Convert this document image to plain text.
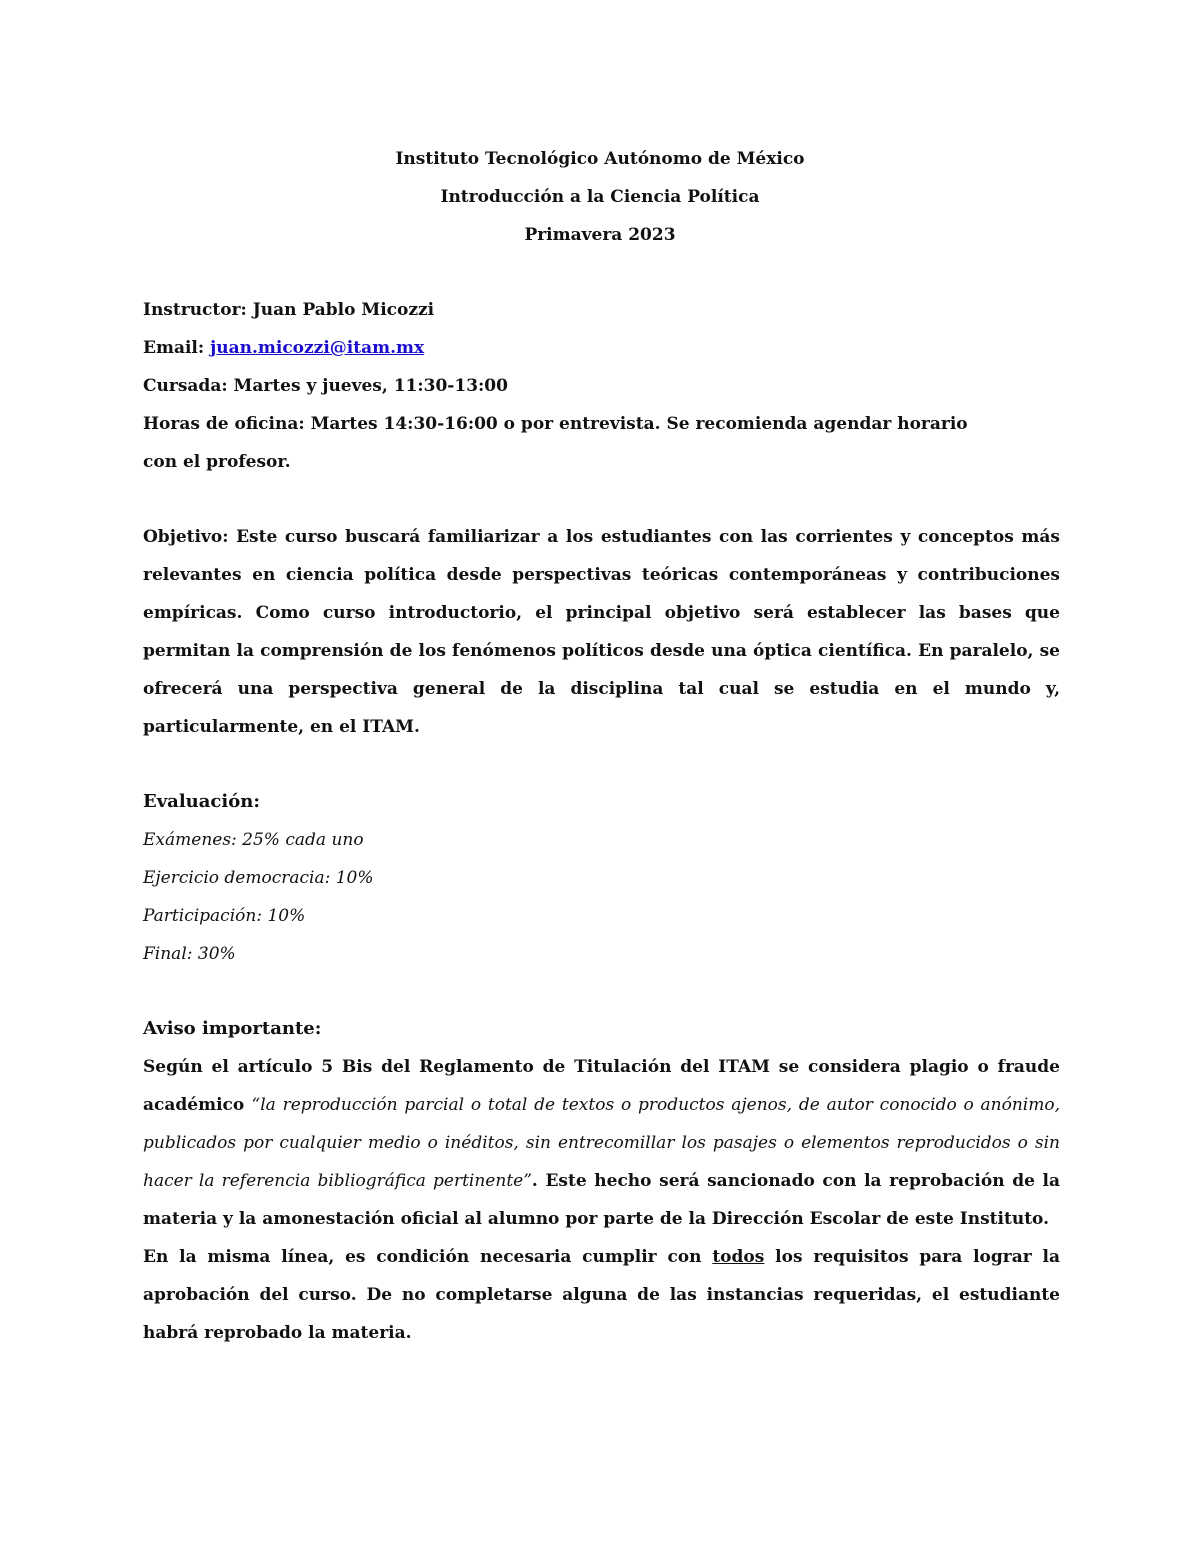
Instituto Tecnológico Autónomo de México
Introducción a la Ciencia Política
Primavera 2023
Instructor: Juan Pablo Micozzi
Email: juan.micozzi@itam.mx
Cursada: Martes y jueves, 11:30-13:00
Horas de oficina: Martes 14:30-16:00 o por entrevista. Se recomienda agendar horario con el profesor.
Objetivo: Este curso buscará familiarizar a los estudiantes con las corrientes y conceptos más relevantes en ciencia política desde perspectivas teóricas contemporáneas y contribuciones empíricas. Como curso introductorio, el principal objetivo será establecer las bases que permitan la comprensión de los fenómenos políticos desde una óptica científica. En paralelo, se ofrecerá una perspectiva general de la disciplina tal cual se estudia en el mundo y, particularmente, en el ITAM.
Evaluación:
Exámenes: 25% cada uno
Ejercicio democracia: 10%
Participación: 10%
Final: 30%
Aviso importante:
Según el artículo 5 Bis del Reglamento de Titulación del ITAM se considera plagio o fraude académico “la reproducción parcial o total de textos o productos ajenos, de autor conocido o anónimo, publicados por cualquier medio o inéditos, sin entrecomillar los pasajes o elementos reproducidos o sin hacer la referencia bibliográfica pertinente”. Este hecho será sancionado con la reprobación de la materia y la amonestación oficial al alumno por parte de la Dirección Escolar de este Instituto.
En la misma línea, es condición necesaria cumplir con todos los requisitos para lograr la aprobación del curso. De no completarse alguna de las instancias requeridas, el estudiante habrá reprobado la materia.
